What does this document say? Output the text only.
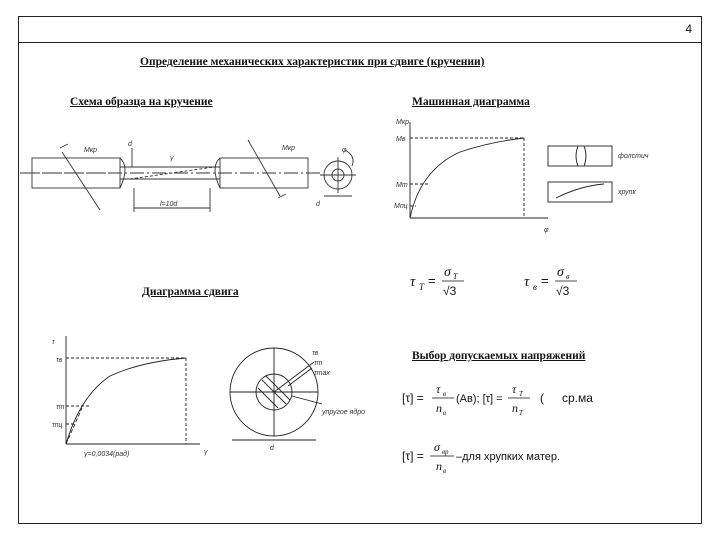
4
Определение механических характеристик при сдвиге (кручении)
Схема образца на кручение	Машинная диаграмма
Диаграмма сдвига
Выбор допускаемых напряжений
Мкр	Мкр
d
γ
l=10d
φ
d
Мкр
Мв
Мт
Мпц
φ
фолстич
хрупк
τ T =
σ T
√3
τ в =
σ в
√3
τ
τв
τт
τпц
γ
γ=0,0034(рад)
τв
τт
τmax
упругое ядро
d
[τ] =
τ в
n в
(Ав); [τ] =
τ T
n T
( ср.ма
[τ] =
σ вр
n в
–для хрупких матер.
